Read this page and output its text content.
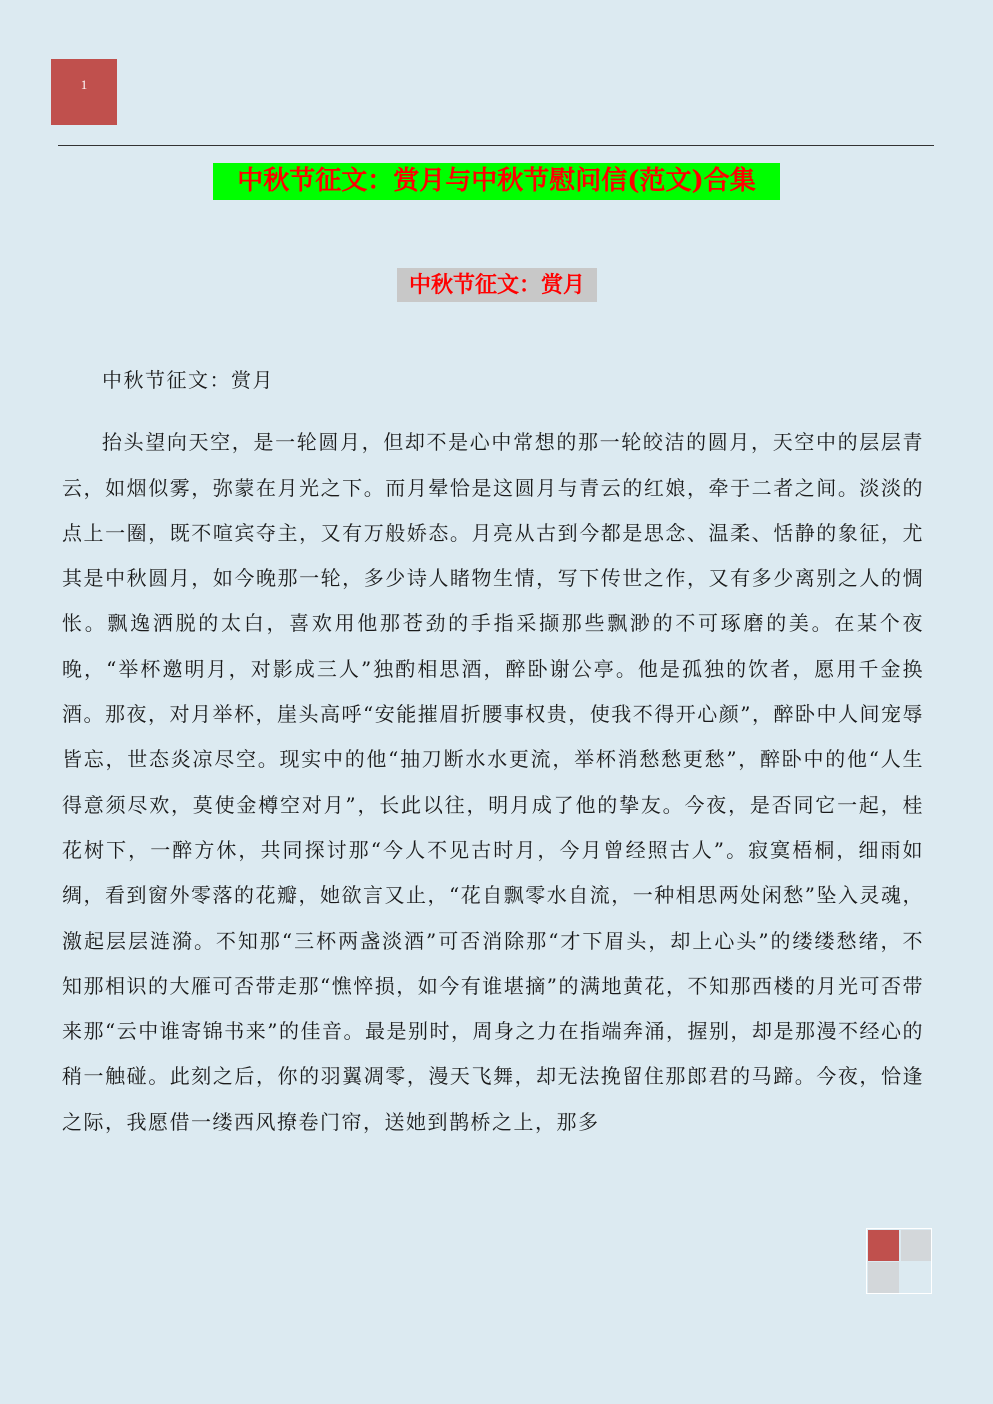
1
中秋节征文：赏月与中秋节慰问信(范文)合集
中秋节征文：赏月

中秋节征文：赏月

抬头望向天空，是一轮圆月，但却不是心中常想的那一轮皎洁的圆月，天空中的层层青云，如烟似雾，弥蒙在月光之下。而月晕恰是这圆月与青云的红娘，牵于二者之间。淡淡的点上一圈，既不喧宾夺主，又有万般娇态。月亮从古到今都是思念、温柔、恬静的象征，尤其是中秋圆月，如今晚那一轮，多少诗人睹物生情，写下传世之作，又有多少离别之人的惆怅。飘逸洒脱的太白，喜欢用他那苍劲的手指采撷那些飘渺的不可琢磨的美。在某个夜晚，“举杯邀明月，对影成三人”独酌相思酒，醉卧谢公亭。他是孤独的饮者，愿用千金换酒。那夜，对月举杯，崖头高呼“安能摧眉折腰事权贵，使我不得开心颜”，醉卧中人间宠辱皆忘，世态炎凉尽空。现实中的他“抽刀断水水更流，举杯消愁愁更愁”，醉卧中的他“人生得意须尽欢，莫使金樽空对月”，长此以往，明月成了他的挚友。今夜，是否同它一起，桂花树下，一醉方休，共同探讨那“今人不见古时月，今月曾经照古人”。寂寞梧桐，细雨如绸，看到窗外零落的花瓣，她欲言又止，“花自飘零水自流，一种相思两处闲愁”坠入灵魂，激起层层涟漪。不知那“三杯两盏淡酒”可否消除那“才下眉头，却上心头”的缕缕愁绪，不知那相识的大雁可否带走那“憔悴损，如今有谁堪摘”的满地黄花，不知那西楼的月光可否带来那“云中谁寄锦书来”的佳音。最是别时，周身之力在指端奔涌，握别，却是那漫不经心的稍一触碰。此刻之后，你的羽翼凋零，漫天飞舞，却无法挽留住那郎君的马蹄。今夜，恰逢之际，我愿借一缕西风撩卷门帘，送她到鹊桥之上，那多
